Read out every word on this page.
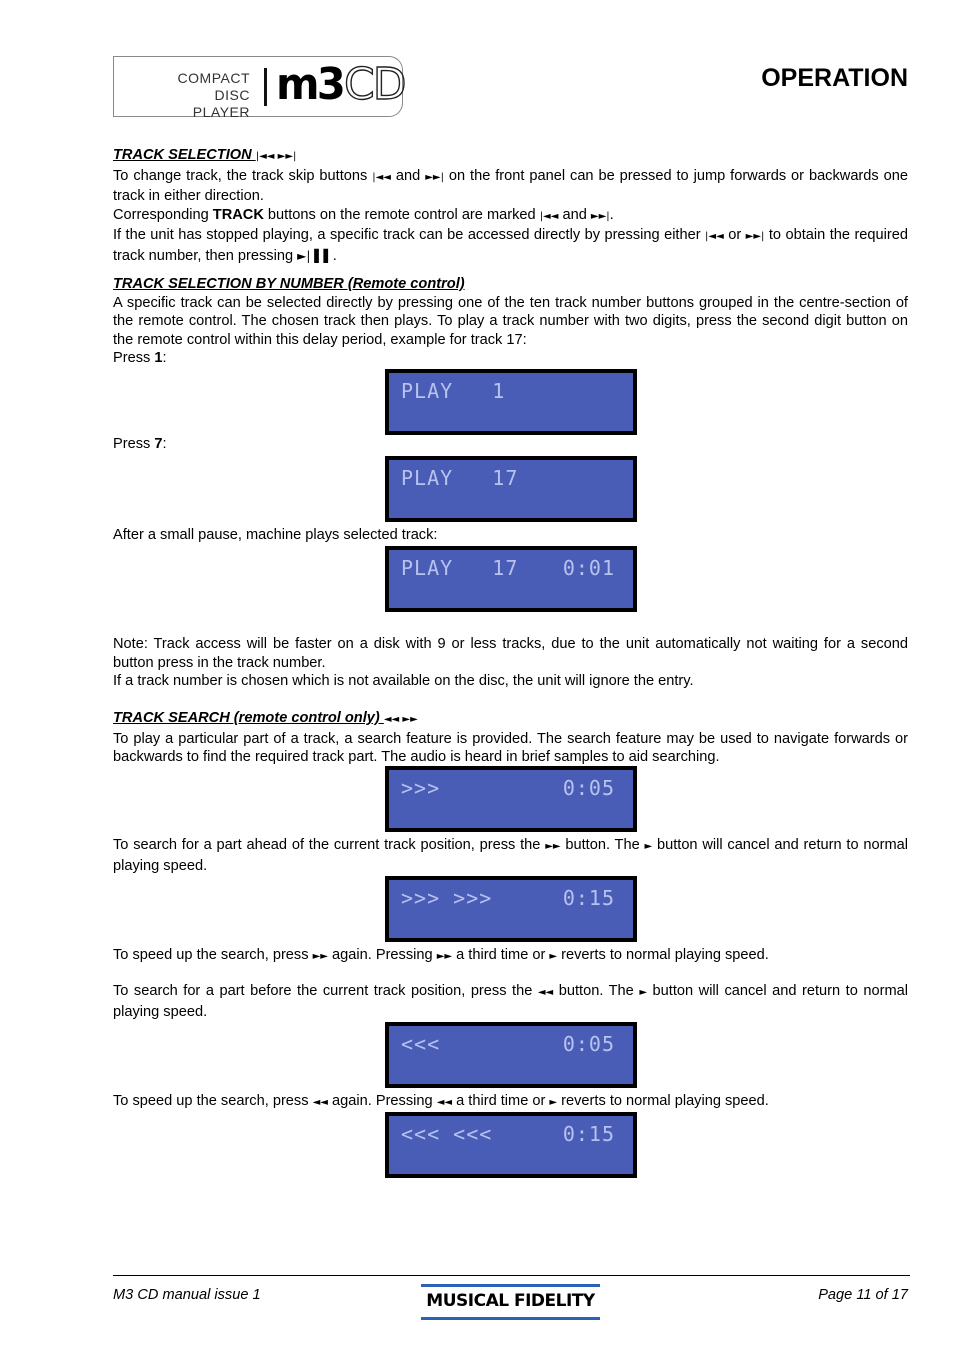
COMPACT
DISC PLAYER
m3 CD	OPERATION
TRACK SELECTION |◄◄ ►►|
To change track, the track skip buttons |◄◄ and ►►| on the front panel can be pressed to jump forwards or backwards one track in either direction.
Corresponding TRACK buttons on the remote control are marked |◄◄ and ►►|.
If the unit has stopped playing, a specific track can be accessed directly by pressing either |◄◄ or ►►| to obtain the required track number, then pressing ►| ▌▌.
TRACK SELECTION BY NUMBER (Remote control)
A specific track can be selected directly by pressing one of the ten track number buttons grouped in the centre-section of the remote control. The chosen track then plays. To play a track number with two digits, press the second digit button on the remote control within this delay period, example for track 17:
Press 1:
Press 7:
After a small pause, machine plays selected track:
Note: Track access will be faster on a disk with 9 or less tracks, due to the unit automatically not waiting for a second button press in the track number.
If a track number is chosen which is not available on the disc, the unit will ignore the entry.
TRACK SEARCH (remote control only) ◄◄ ►►
To play a particular part of a track, a search feature is provided. The search feature may be used to navigate forwards or backwards to find the required track part. The audio is heard in brief samples to aid searching.
To search for a part ahead of the current track position, press the ►► button. The ► button will cancel and return to normal playing speed.
To speed up the search, press ►► again. Pressing ►► a third time or ► reverts to normal playing speed.
To search for a part before the current track position, press the ◄◄ button. The ► button will cancel and return to normal playing speed.
To speed up the search, press ◄◄ again. Pressing ◄◄ a third time or ► reverts to normal playing speed.
PLAY   1
PLAY   17
PLAY   17 0:01
>>>	0:05
>>> >>>	0:15
<<<	0:05
<<< <<<	0:15
M3 CD manual issue 1	MUSICAL FIDELITY	Page 11 of 17
